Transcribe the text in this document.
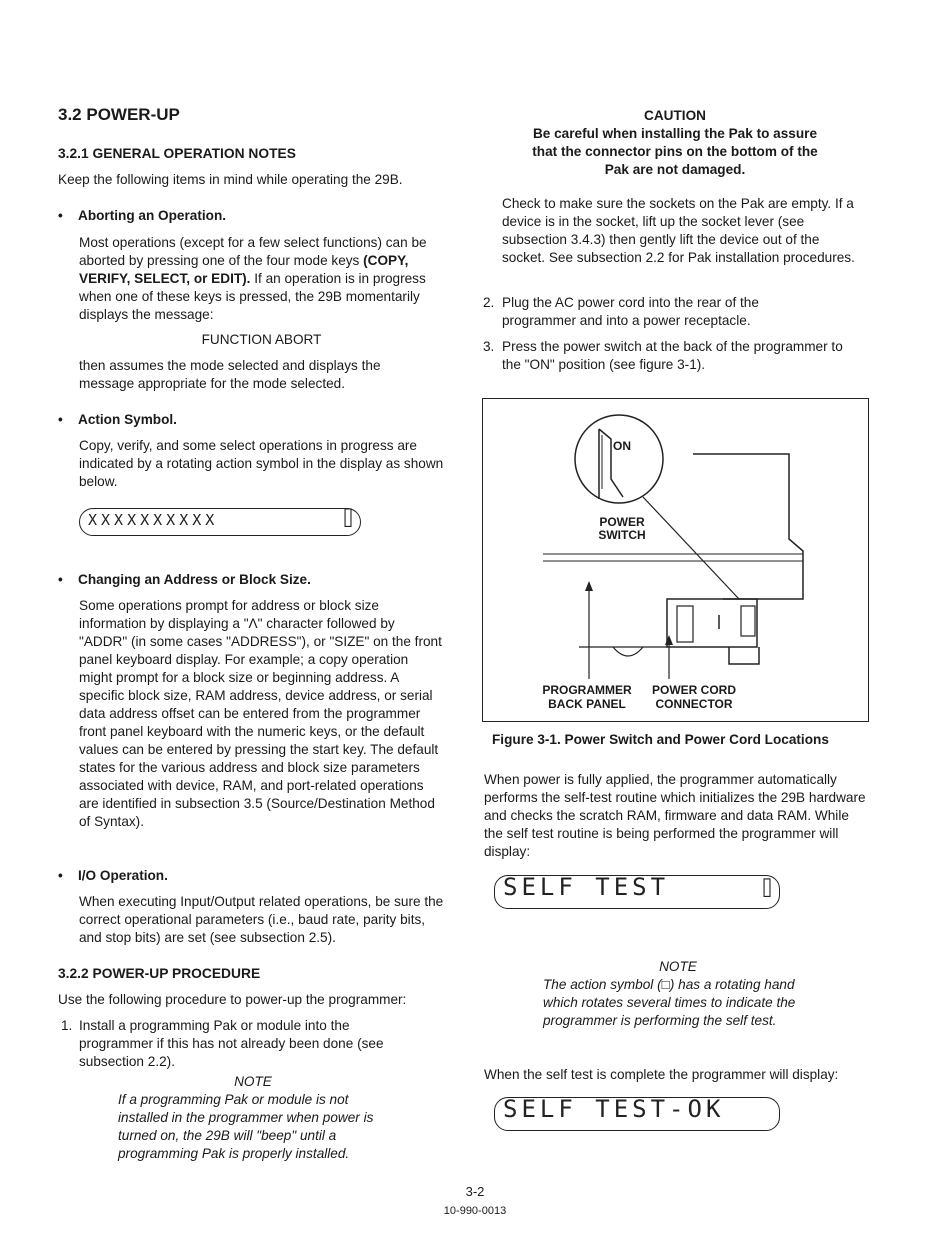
3.2 POWER-UP
3.2.1 GENERAL OPERATION NOTES

Keep the following items in mind while operating the 29B.

• Aborting an Operation.
Most operations (except for a few select functions) can be aborted by pressing one of the four mode keys (COPY, VERIFY, SELECT, or EDIT). If an operation is in progress when one of these keys is pressed, the 29B momentarily displays the message:
FUNCTION ABORT

then assumes the mode selected and displays the message appropriate for the mode selected.

• Action Symbol.

Copy, verify, and some select operations in progress are indicated by a rotating action symbol in the display as shown below.

XXXXXXXXXX	⌷
• Changing an Address or Block Size.

Some operations prompt for address or block size information by displaying a "Λ" character followed by "ADDR" (in some cases "ADDRESS"), or "SIZE" on the front panel keyboard display. For example; a copy operation might prompt for a block size or beginning address. A specific block size, RAM address, device address, or serial data address offset can be entered from the programmer front panel keyboard with the numeric keys, or the default values can be entered by pressing the start key. The default states for the various address and block size parameters associated with device, RAM, and port-related operations are identified in subsection 3.5 (Source/Destination Method of Syntax).

• I/O Operation.

When executing Input/Output related operations, be sure the correct operational parameters (i.e., baud rate, parity bits, and stop bits) are set (see subsection 2.5).

3.2.2 POWER-UP PROCEDURE

Use the following procedure to power-up the programmer:

1. Install a programming Pak or module into the programmer if this has not already been done (see subsection 2.2).

NOTE

If a programming Pak or module is not installed in the programmer when power is turned on, the 29B will "beep" until a programming Pak is properly installed.

CAUTION

Be careful when installing the Pak to assure that the connector pins on the bottom of the Pak are not damaged.

Check to make sure the sockets on the Pak are empty. If a device is in the socket, lift up the socket lever (see subsection 3.4.3) then gently lift the device out of the socket. See subsection 2.2 for Pak installation procedures.

2. Plug the AC power cord into the rear of the programmer and into a power receptacle.

3. Press the power switch at the back of the programmer to the "ON" position (see figure 3-1).

ON
POWER
SWITCH
PROGRAMMER
BACK PANEL
POWER CORD
CONNECTOR
Figure 3-1. Power Switch and Power Cord Locations

When power is fully applied, the programmer automatically performs the self-test routine which initializes the 29B hardware and checks the scratch RAM, firmware and data RAM. While the self test routine is being performed the programmer will display:

SELF TEST	⌷
NOTE

The action symbol (□) has a rotating hand which rotates several times to indicate the programmer is performing the self test.

When the self test is complete the programmer will display:

SELF TEST-OK
3-2
10-990-0013
